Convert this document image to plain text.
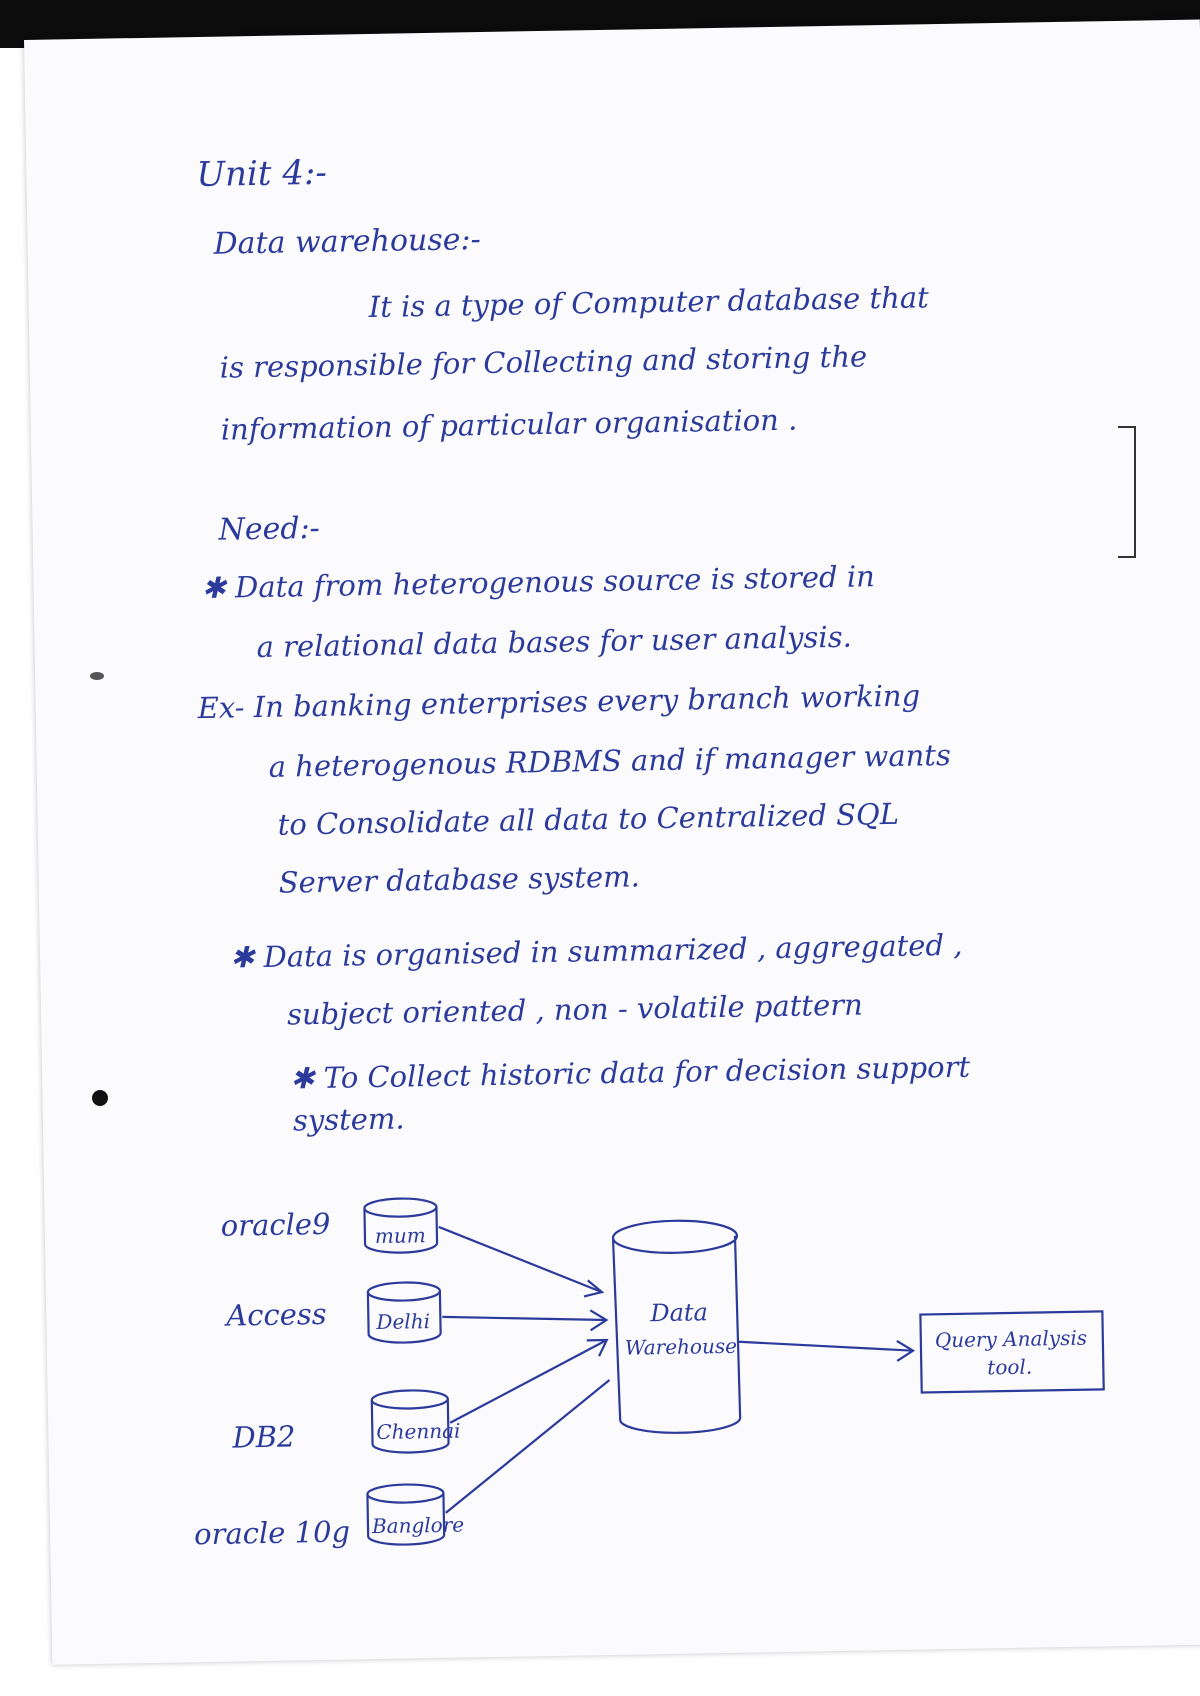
Unit 4:-
Data warehouse:-
It is a type of Computer database that
is responsible for Collecting and storing the
information of particular organisation .
Need:-
✱ Data from heterogenous source is stored in
a relational data bases for user analysis.
Ex- In banking enterprises every branch working
a heterogenous RDBMS and if manager wants
to Consolidate all data to Centralized SQL
Server database system.
✱ Data is organised in summarized , aggregated ,
subject oriented , non - volatile pattern
✱ To Collect historic data for decision support
system.
oracle9
Access
DB2
oracle 10g
mum
Delhi
Chennai
Banglore
Data
Warehouse	Query Analysis
tool.
